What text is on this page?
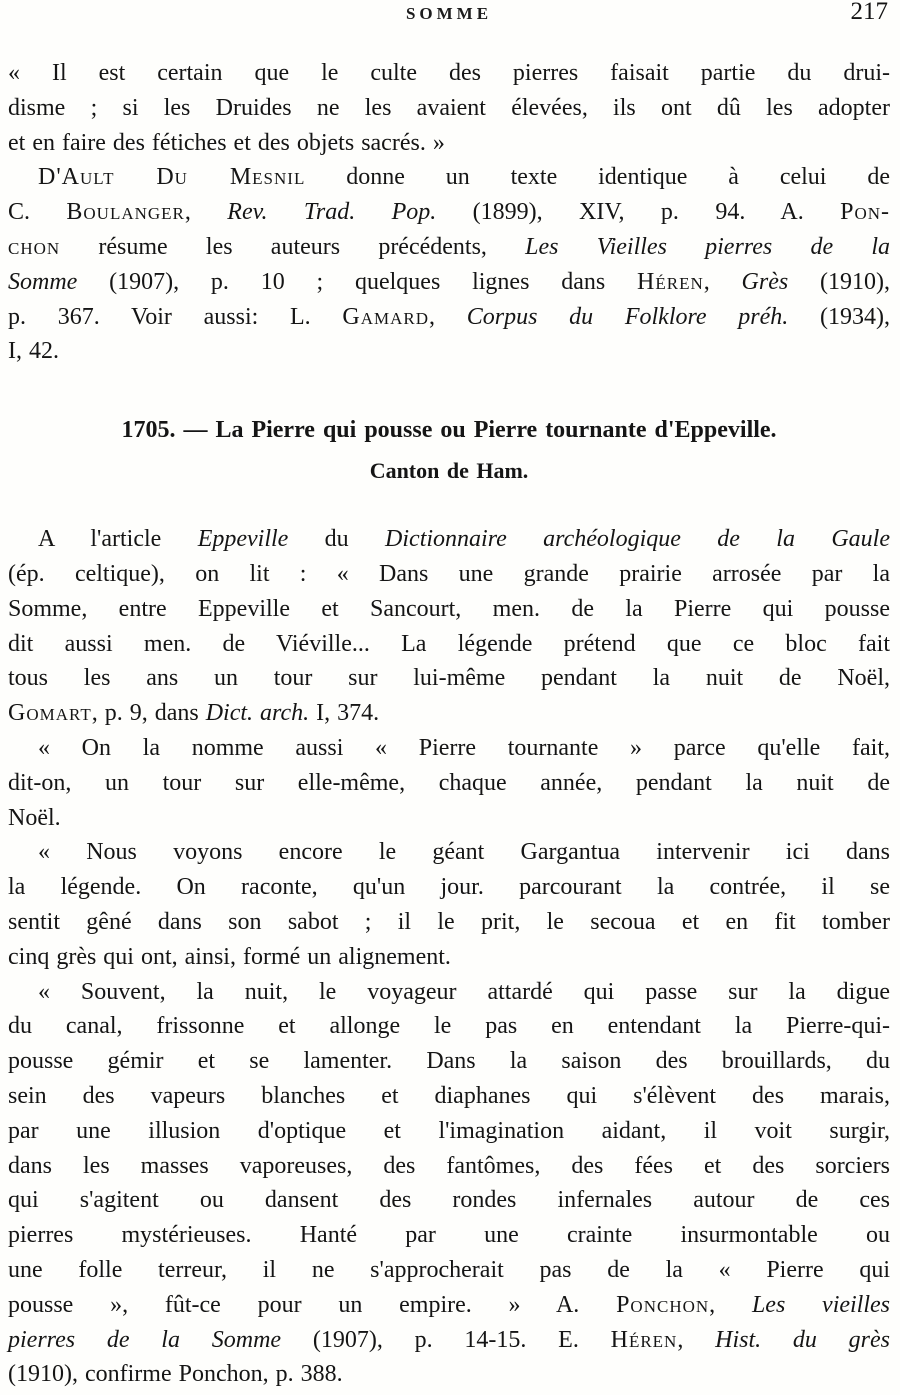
SOMME	217
« Il est certain que le culte des pierres faisait partie du drui-
disme ; si les Druides ne les avaient élevées, ils ont dû les adopter
et en faire des fétiches et des objets sacrés. »
D'Ault Du Mesnil donne un texte identique à celui de
C. Boulanger, Rev. Trad. Pop. (1899), XIV, p. 94. A. Pon-
chon résume les auteurs précédents, Les Vieilles pierres de la
Somme (1907), p. 10 ; quelques lignes dans Héren, Grès (1910),
p. 367. Voir aussi: L. Gamard, Corpus du Folklore préh. (1934),
I, 42.
1705. — La Pierre qui pousse ou Pierre tournante d'Eppeville.
Canton de Ham.
A l'article Eppeville du Dictionnaire archéologique de la Gaule
(ép. celtique), on lit : « Dans une grande prairie arrosée par la
Somme, entre Eppeville et Sancourt, men. de la Pierre qui pousse
dit aussi men. de Viéville... La légende prétend que ce bloc fait
tous les ans un tour sur lui-même pendant la nuit de Noël,
Gomart, p. 9, dans Dict. arch. I, 374.
« On la nomme aussi « Pierre tournante » parce qu'elle fait,
dit-on, un tour sur elle-même, chaque année, pendant la nuit de
Noël.
« Nous voyons encore le géant Gargantua intervenir ici dans
la légende. On raconte, qu'un jour. parcourant la contrée, il se
sentit gêné dans son sabot ; il le prit, le secoua et en fit tomber
cinq grès qui ont, ainsi, formé un alignement.
« Souvent, la nuit, le voyageur attardé qui passe sur la digue
du canal, frissonne et allonge le pas en entendant la Pierre-qui-
pousse gémir et se lamenter. Dans la saison des brouillards, du
sein des vapeurs blanches et diaphanes qui s'élèvent des marais,
par une illusion d'optique et l'imagination aidant, il voit surgir,
dans les masses vaporeuses, des fantômes, des fées et des sorciers
qui s'agitent ou dansent des rondes infernales autour de ces
pierres mystérieuses. Hanté par une crainte insurmontable ou
une folle terreur, il ne s'approcherait pas de la « Pierre qui
pousse », fût-ce pour un empire. » A. Ponchon, Les vieilles
pierres de la Somme (1907), p. 14-15. E. Héren, Hist. du grès
(1910), confirme Ponchon, p. 388.
